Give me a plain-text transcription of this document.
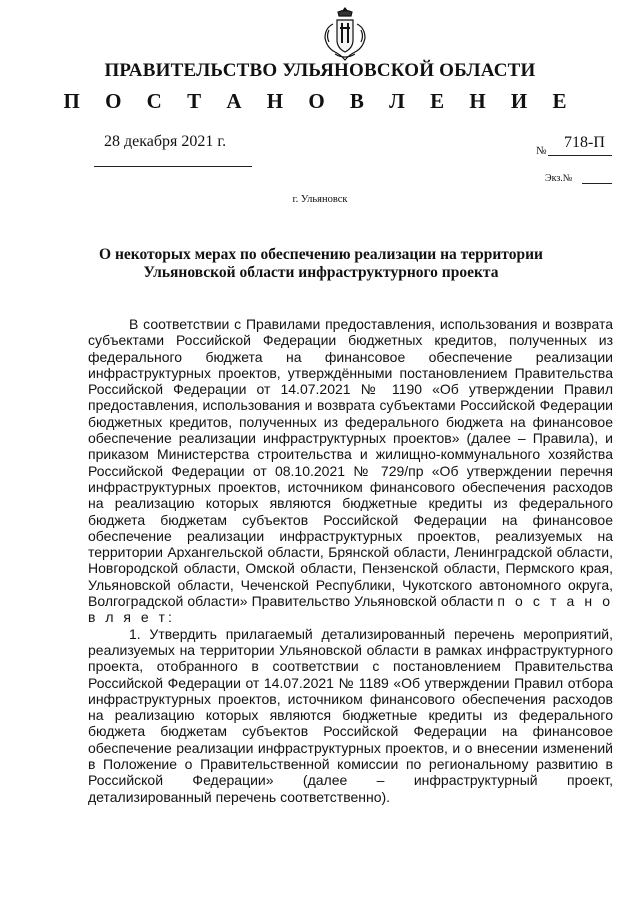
ПРАВИТЕЛЬСТВО УЛЬЯНОВСКОЙ ОБЛАСТИ
П О С Т А Н О В Л Е Н И Е
28 декабря 2021 г.
№ 718-П
Экз.№
г. Ульяновск
О некоторых мерах по обеспечению реализации на территории
Ульяновской области инфраструктурного проекта

В соответствии с Правилами предоставления, использования и возврата субъектами Российской Федерации бюджетных кредитов, полученных из федерального бюджета на финансовое обеспечение реализации инфраструктурных проектов, утверждёнными постановлением Правительства Российской Федерации от 14.07.2021 № 1190 «Об утверждении Правил предоставления, использования и возврата субъектами Российской Федерации бюджетных кредитов, полученных из федерального бюджета на финансовое обеспечение реализации инфраструктурных проектов» (далее – Правила), и приказом Министерства строительства и жилищно-коммунального хозяйства Российской Федерации от 08.10.2021 № 729/пр «Об утверждении перечня инфраструктурных проектов, источником финансового обеспечения расходов на реализацию которых являются бюджетные кредиты из федерального бюджета бюджетам субъектов Российской Федерации на финансовое обеспечение реализации инфраструктурных проектов, реализуемых на территории Архангельской области, Брянской области, Ленинградской области, Новгородской области, Омской области, Пензенской области, Пермского края, Ульяновской области, Чеченской Республики, Чукотского автономного округа, Волгоградской области» Правительство Ульяновской области п о с т а н о в л я е т:

1. Утвердить прилагаемый детализированный перечень мероприятий, реализуемых на территории Ульяновской области в рамках инфраструктурного проекта, отобранного в соответствии с постановлением Правительства Российской Федерации от 14.07.2021 № 1189 «Об утверждении Правил отбора инфраструктурных проектов, источником финансового обеспечения расходов на реализацию которых являются бюджетные кредиты из федерального бюджета бюджетам субъектов Российской Федерации на финансовое обеспечение реализации инфраструктурных проектов, и о внесении изменений в Положение о Правительственной комиссии по региональному развитию в Российской Федерации» (далее – инфраструктурный проект, детализированный перечень соответственно).
